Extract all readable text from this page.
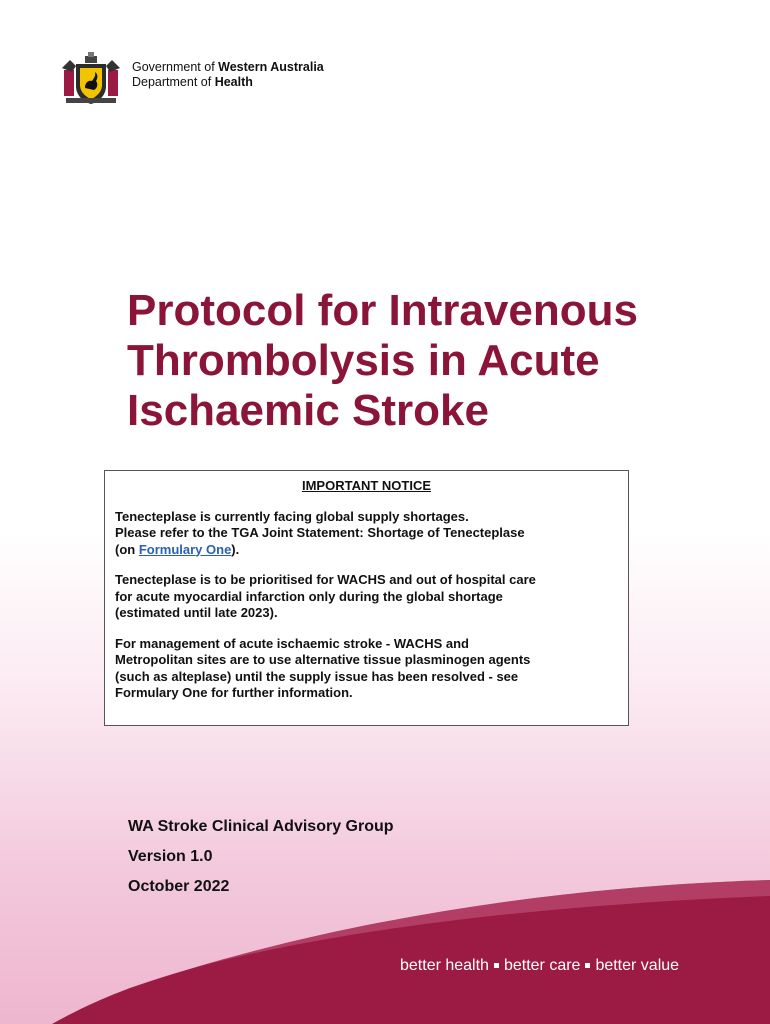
Government of Western Australia
Department of Health
Protocol for Intravenous
Thrombolysis in Acute
Ischaemic Stroke
IMPORTANT NOTICE

Tenecteplase is currently facing global supply shortages.
Please refer to the TGA Joint Statement: Shortage of Tenecteplase
(on Formulary One).

Tenecteplase is to be prioritised for WACHS and out of hospital care
for acute myocardial infarction only during the global shortage
(estimated until late 2023).

For management of acute ischaemic stroke - WACHS and
Metropolitan sites are to use alternative tissue plasminogen agents
(such as alteplase) until the supply issue has been resolved - see
Formulary One for further information.

WA Stroke Clinical Advisory Group
Version 1.0
October 2022
better health better care better value
